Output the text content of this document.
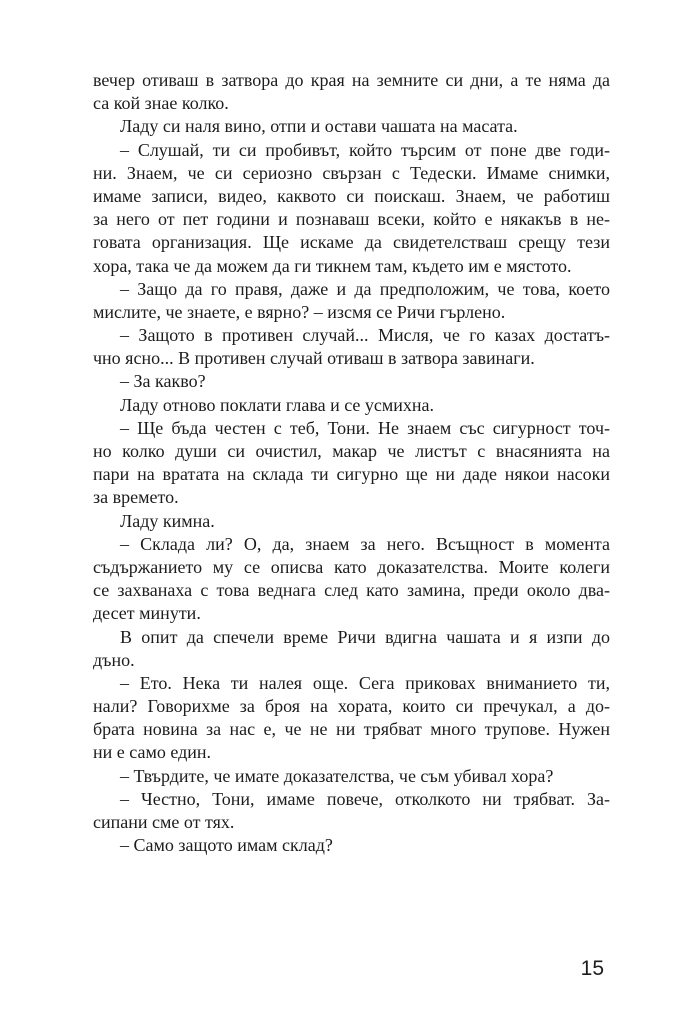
вечер отиваш в затвора до края на земните си дни, а те няма да
са кой знае колко.
Ладу си наля вино, отпи и остави чашата на масата.
– Слушай, ти си пробивът, който търсим от поне две годи-
ни. Знаем, че си сериозно свързан с Тедески. Имаме снимки,
имаме записи, видео, каквото си поискаш. Знаем, че работиш
за него от пет години и познаваш всеки, който е някакъв в не-
говата организация. Ще искаме да свидетелстваш срещу тези
хора, така че да можем да ги тикнем там, където им е мястото.
– Защо да го правя, даже и да предположим, че това, което
мислите, че знаете, е вярно? – изсмя се Ричи гърлено.
– Защото в противен случай... Мисля, че го казах достатъ-
чно ясно... В противен случай отиваш в затвора завинаги.
– За какво?
Ладу отново поклати глава и се усмихна.
– Ще бъда честен с теб, Тони. Не знаем със сигурност точ-
но колко души си очистил, макар че листът с внасянията на
пари на вратата на склада ти сигурно ще ни даде някои насоки
за времето.
Ладу кимна.
– Склада ли? О, да, знаем за него. Всъщност в момента
съдържанието му се описва като доказателства. Моите колеги
се захванаха с това веднага след като замина, преди около два-
десет минути.
В опит да спечели време Ричи вдигна чашата и я изпи до
дъно.
– Ето. Нека ти налея още. Сега приковах вниманието ти,
нали? Говорихме за броя на хората, които си пречукал, а до-
брата новина за нас е, че не ни трябват много трупове. Нужен
ни е само един.
– Твърдите, че имате доказателства, че съм убивал хора?
– Честно, Тони, имаме повече, отколкото ни трябват. За-
сипани сме от тях.
– Само защото имам склад?
15
